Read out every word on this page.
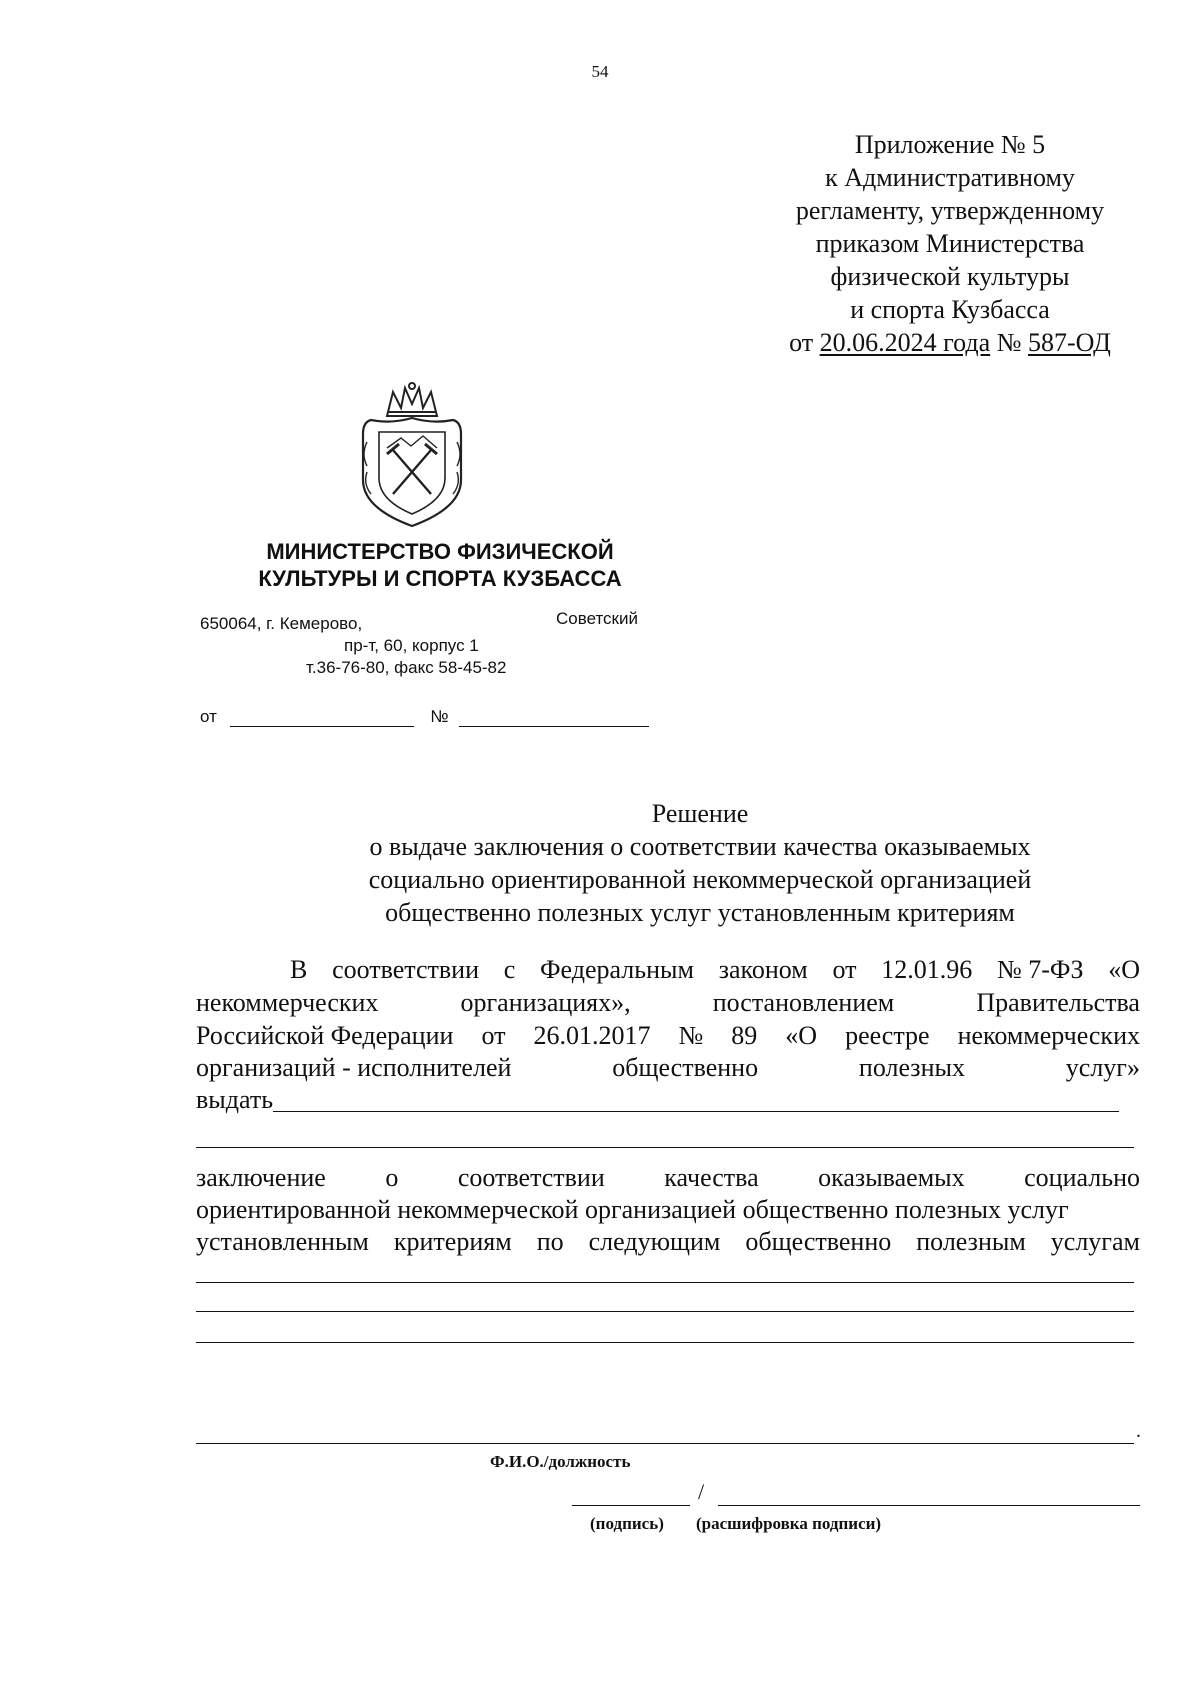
54
Приложение № 5
к Административному
регламенту, утвержденному
приказом Министерства
физической культуры
и спорта Кузбасса
от 20.06.2024 года № 587-ОД
МИНИСТЕРСТВО ФИЗИЧЕСКОЙ
КУЛЬТУРЫ И СПОРТА КУЗБАССА
650064, г. Кемерово,	Советский
пр-т, 60, корпус 1
т.36-76-80, факс 58-45-82
от	№
Решение
о выдаче заключения о соответствии качества оказываемых
социально ориентированной некоммерческой организацией
общественно полезных услуг установленным критериям
В соответствии с Федеральным законом от 12.01.96 № 7-ФЗ «О
некоммерческих	организациях»,	постановлением	Правительства
Российской Федерации от 26.01.2017 № 89 «О реестре некоммерческих
организаций - исполнителей	общественно	полезных	услуг»
выдать
заключение о соответствии качества оказываемых социально
ориентированной некоммерческой организацией общественно полезных услуг
установленным критериям по следующим общественно полезным услугам
.
Ф.И.О./должность
/
(подпись) (расшифровка подписи)
